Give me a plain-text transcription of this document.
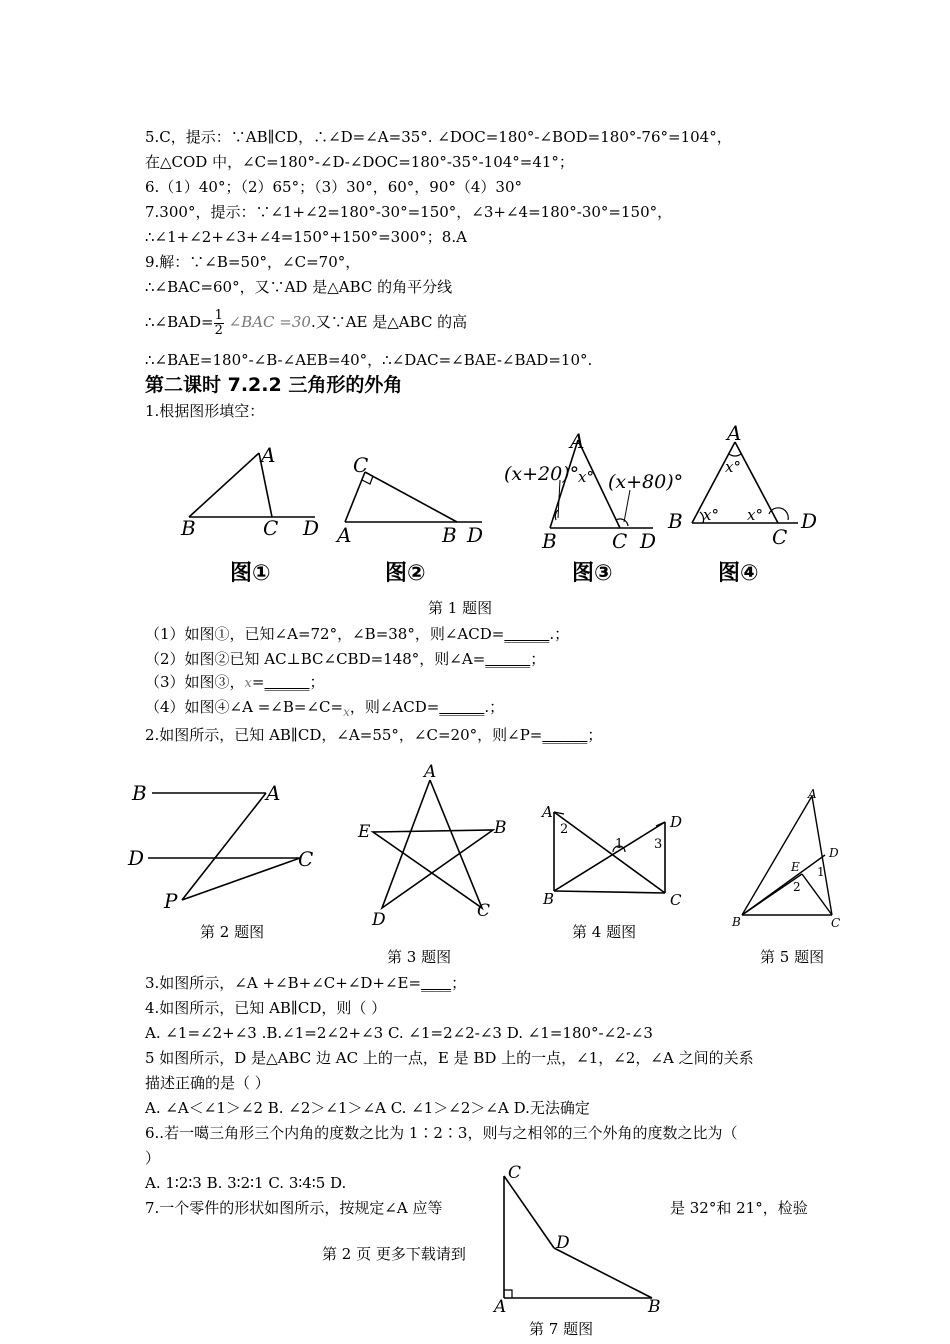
5.C，提示：∵AB∥CD，∴∠D=∠A=35°. ∠DOC=180°-∠BOD=180°-76°=104°，
在△COD 中，∠C=180°-∠D-∠DOC=180°-35°-104°=41°；
6.（1）40°；（2）65°；（3）30°，60°，90°（4）30°
7.300°，提示：∵∠1+∠2=180°-30°=150°，∠3+∠4=180°-30°=150°，
∴∠1+∠2+∠3+∠4=150°+150°=300°；8.A
9.解：∵∠B=50°，∠C=70°，
∴∠BAC=60°，又∵AD 是△ABC 的角平分线
∴∠BAD= $\frac{1}{2}$ ∠BAC =30.又∵AE 是△ABC 的高
∴∠BAE=180°-∠B-∠AEB=40°，∴∠DAC=∠BAE-∠BAD=10°.
第二课时 7.2.2 三角形的外角
1.根据图形填空：
A
B	C D
图①
C
A	B D
图②
A
B	C D
(x+20)°
x° (x+80)°
图③
A
B
C
D
x°
x° x°
图④
第 1 题图
（1）如图①，已知∠A=72°，∠B=38°，则∠ACD=______.；
（2）如图②已知 AC⊥BC∠CBD=148°，则∠A=______；
（3）如图③，x=______；
（4）如图④∠A $=\angle B=\angle C=_x$，则∠ACD=______.；
2.如图所示，已知 AB∥CD，∠A=55°，∠C=20°，则∠P=______；
B	A
D	C
P
A
B
C
D
E
A
B	C
D
1
2
3
A
B	C
D
E 1
2
第 2 题图	第 4 题图
第 3 题图	第 5 题图
3.如图所示，∠A +∠B+∠C+∠D+∠E=____；
4.如图所示，已知 AB∥CD，则（ ）
A. ∠1=∠2+∠3 .B.∠1=2∠2+∠3 C. ∠1=2∠2-∠3 D. ∠1=180°-∠2-∠3
5 如图所示，D 是△ABC 边 AC 上的一点，E 是 BD 上的一点，∠1，∠2，∠A 之间的关系
描述正确的是（ ）
A. ∠A＜∠1＞∠2 B. ∠2＞∠1＞∠A C. ∠1＞∠2＞∠A D.无法确定
6..若一噶三角形三个内角的度数之比为 1∶2∶3，则与之相邻的三个外角的度数之比为（
）
A. 1∶2∶3 B. 3∶2∶1 C. 3∶4∶5 D.
7.一个零件的形状如图所示，按规定∠A 应等	是 32°和 21°，检验
第 2 页 更多下载请到
C
D
A	B
第 7 题图
